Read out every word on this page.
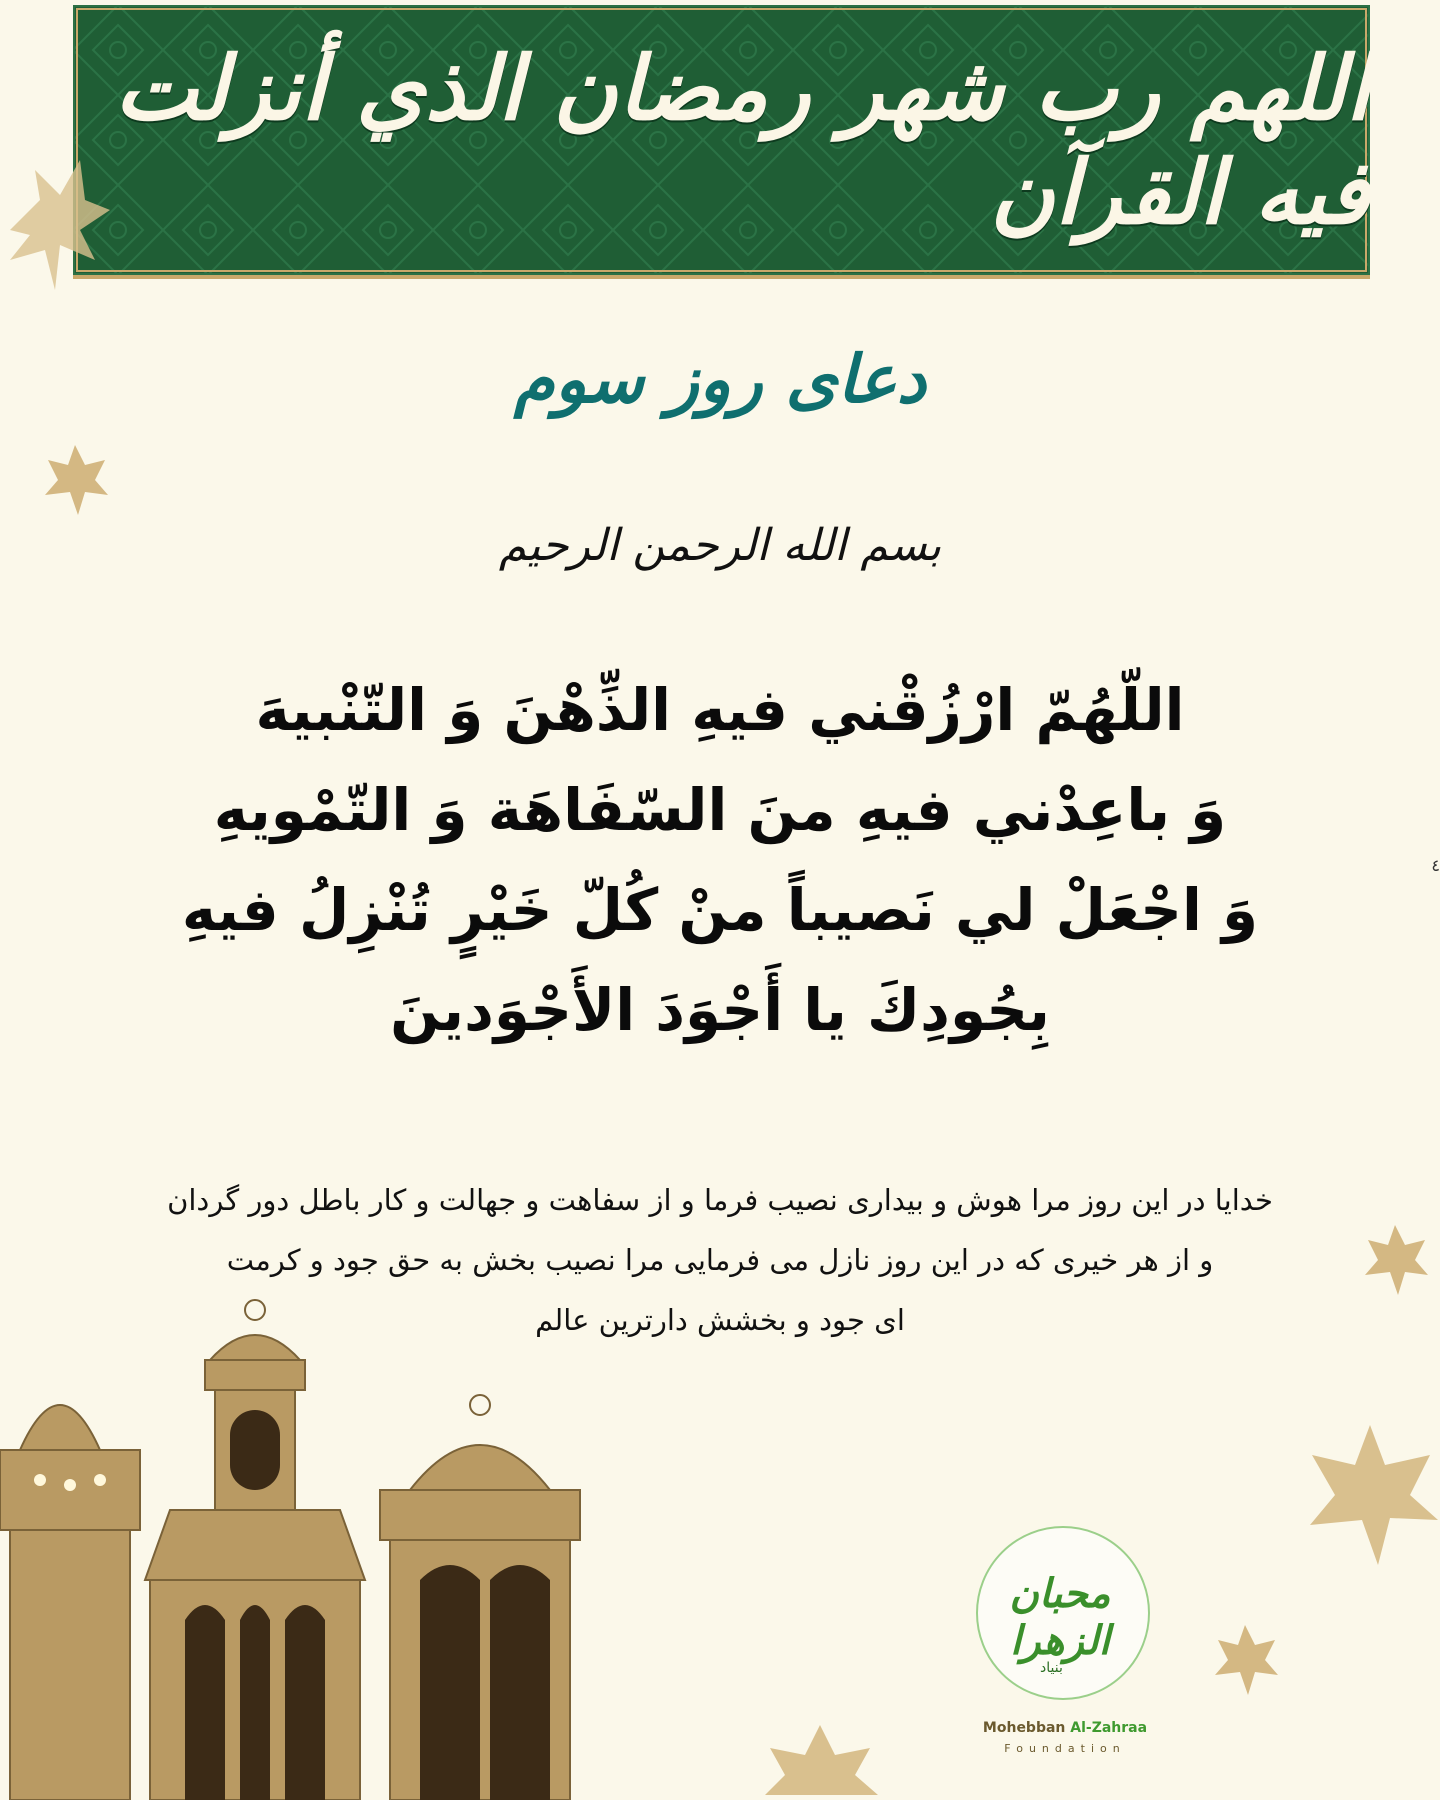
اللهم رب شهر رمضان الذي أنزلت فيه القرآن
دعای روز سوم
بسم الله الرحمن الرحيم
اللّهُمّ ارْزُقْني فيهِ الذِّهْنَ وَ التّنْبيهَ
وَ باعِدْني فيهِ منَ السّفَاهَة وَ التّمْويهِ
وَ اجْعَلْ لي نَصيباً منْ كُلّ خَيْرٍ تُنْزِلُ فيهِ
بِجُودِكَ يا أَجْوَدَ الأَجْوَدينَ
خدایا در این روز مرا هوش و بیداری نصیب فرما و از سفاهت و جهالت و کار باطل دور گردان
و از هر خیری که در این روز نازل می فرمایی مرا نصیب بخش به حق جود و کرمت
ای جود و بخشش دارترین عالم
٤
محبان الزهرا
بنیاد
Mohebban Al-Zahraa
Foundation
